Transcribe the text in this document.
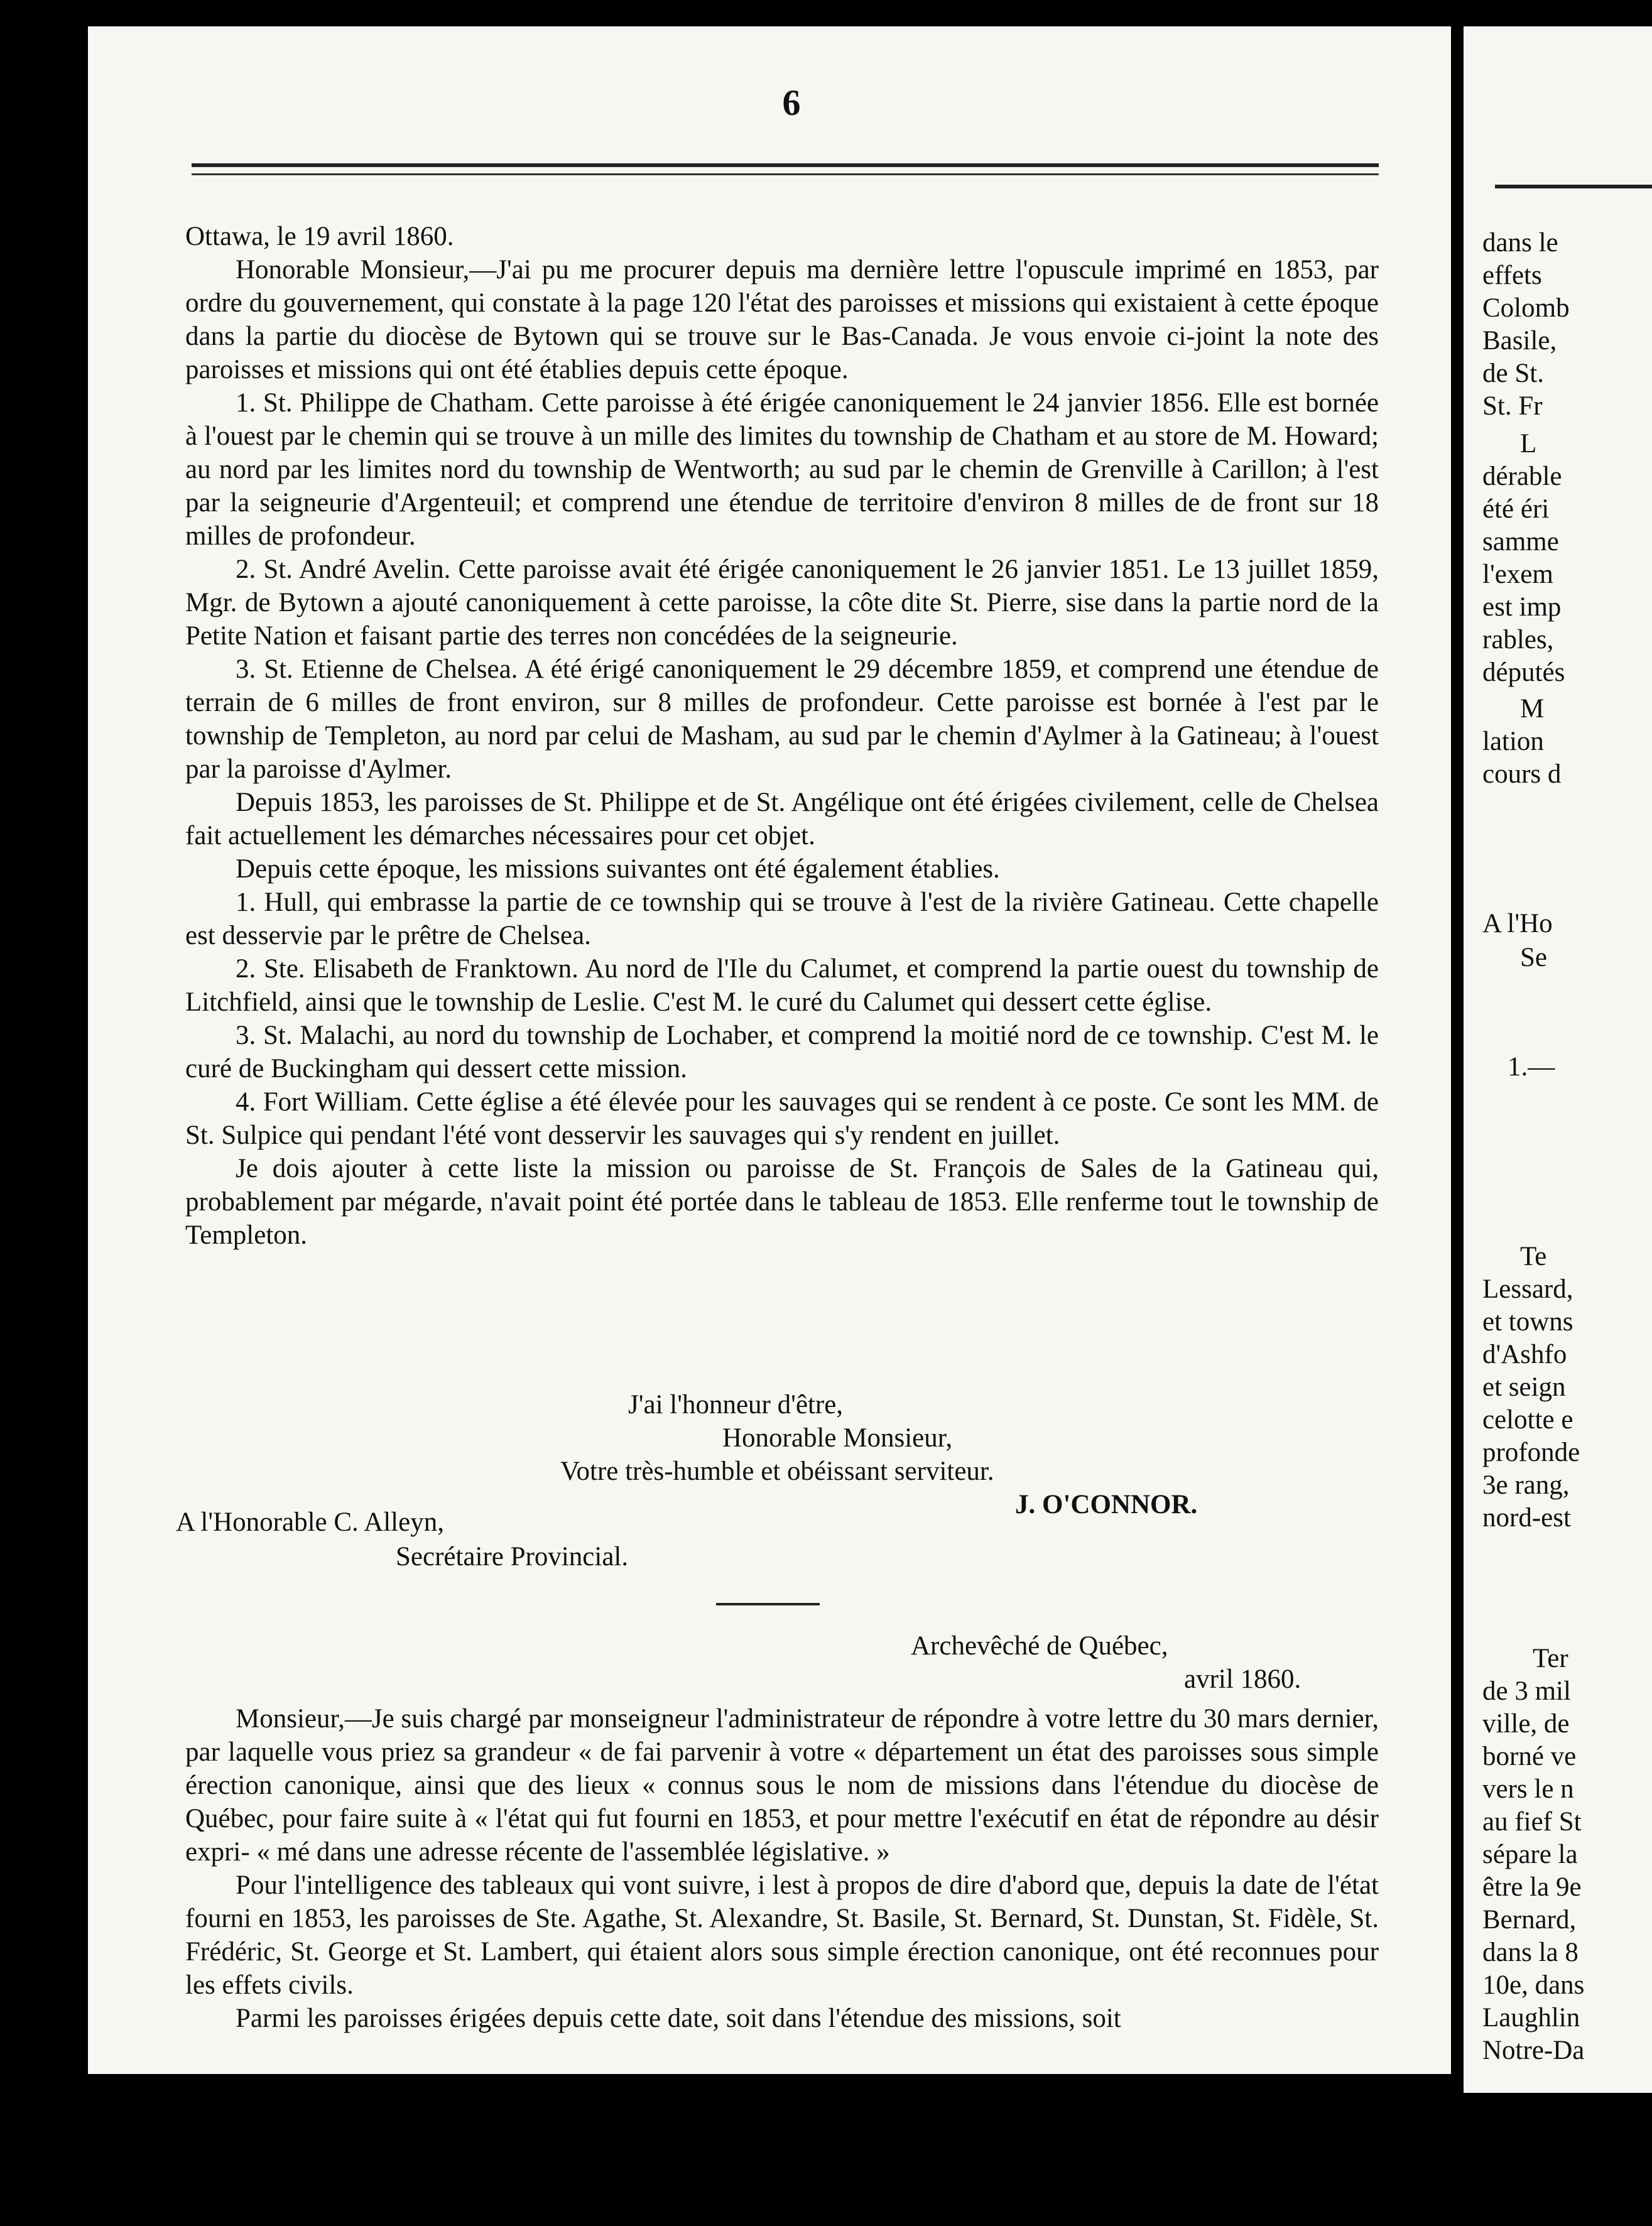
6

Ottawa, le 19 avril 1860.

Honorable Monsieur,—J'ai pu me procurer depuis ma dernière lettre l'opuscule imprimé en 1853, par ordre du gouvernement, qui constate à la page 120 l'état des paroisses et missions qui existaient à cette époque dans la partie du diocèse de Bytown qui se trouve sur le Bas-Canada. Je vous envoie ci-joint la note des paroisses et missions qui ont été établies depuis cette époque.

1. St. Philippe de Chatham. Cette paroisse à été érigée canoniquement le 24 janvier 1856. Elle est bornée à l'ouest par le chemin qui se trouve à un mille des limites du township de Chatham et au store de M. Howard; au nord par les limites nord du township de Wentworth; au sud par le chemin de Grenville à Carillon; à l'est par la seigneurie d'Argenteuil; et comprend une étendue de territoire d'environ 8 milles de de front sur 18 milles de profondeur.

2. St. André Avelin. Cette paroisse avait été érigée canoniquement le 26 janvier 1851. Le 13 juillet 1859, Mgr. de Bytown a ajouté canoniquement à cette paroisse, la côte dite St. Pierre, sise dans la partie nord de la Petite Nation et faisant partie des terres non concédées de la seigneurie.

3. St. Etienne de Chelsea. A été érigé canoniquement le 29 décembre 1859, et comprend une étendue de terrain de 6 milles de front environ, sur 8 milles de profondeur. Cette paroisse est bornée à l'est par le township de Templeton, au nord par celui de Masham, au sud par le chemin d'Aylmer à la Gatineau; à l'ouest par la paroisse d'Aylmer.

Depuis 1853, les paroisses de St. Philippe et de St. Angélique ont été érigées civilement, celle de Chelsea fait actuellement les démarches nécessaires pour cet objet.

Depuis cette époque, les missions suivantes ont été également établies.

1. Hull, qui embrasse la partie de ce township qui se trouve à l'est de la rivière Gatineau. Cette chapelle est desservie par le prêtre de Chelsea.

2. Ste. Elisabeth de Franktown. Au nord de l'Ile du Calumet, et comprend la partie ouest du township de Litchfield, ainsi que le township de Leslie. C'est M. le curé du Calumet qui dessert cette église.

3. St. Malachi, au nord du township de Lochaber, et comprend la moitié nord de ce township. C'est M. le curé de Buckingham qui dessert cette mission.

4. Fort William. Cette église a été élevée pour les sauvages qui se rendent à ce poste. Ce sont les MM. de St. Sulpice qui pendant l'été vont desservir les sauvages qui s'y rendent en juillet.

Je dois ajouter à cette liste la mission ou paroisse de St. François de Sales de la Gatineau qui, probablement par mégarde, n'avait point été portée dans le tableau de 1853. Elle renferme tout le township de Templeton.

J'ai l'honneur d'être,
Honorable Monsieur,
Votre très-humble et obéissant serviteur.
J. O'CONNOR.
A l'Honorable C. Alleyn,
Secrétaire Provincial.
Archevêché de Québec,
avril 1860.

Monsieur,—Je suis chargé par monseigneur l'administrateur de répondre à votre lettre du 30 mars dernier, par laquelle vous priez sa grandeur « de fai parvenir à votre « département un état des paroisses sous simple érection canonique, ainsi que des lieux « connus sous le nom de missions dans l'étendue du diocèse de Québec, pour faire suite à « l'état qui fut fourni en 1853, et pour mettre l'exécutif en état de répondre au désir expri- « mé dans une adresse récente de l'assemblée législative. »

Pour l'intelligence des tableaux qui vont suivre, i lest à propos de dire d'abord que, depuis la date de l'état fourni en 1853, les paroisses de Ste. Agathe, St. Alexandre, St. Basile, St. Bernard, St. Dunstan, St. Fidèle, St. Frédéric, St. George et St. Lambert, qui étaient alors sous simple érection canonique, ont été reconnues pour les effets civils.

Parmi les paroisses érigées depuis cette date, soit dans l'étendue des missions, soit

dans le
effets
Colomb
Basile,
de St.
St. Fr
L
dérable
été éri
samme
l'exem
est imp
rables,
députés
M
lation
cours d
A l'Ho
Se
1.—
Te
Lessard,
et towns
d'Ashfo
et seign
celotte e
profonde
3e rang,
nord-est
Ter
de 3 mil
ville, de
borné ve
vers le n
au fief St
sépare la
être la 9e
Bernard,
dans la 8
10e, dans
Laughlin
Notre-Da
